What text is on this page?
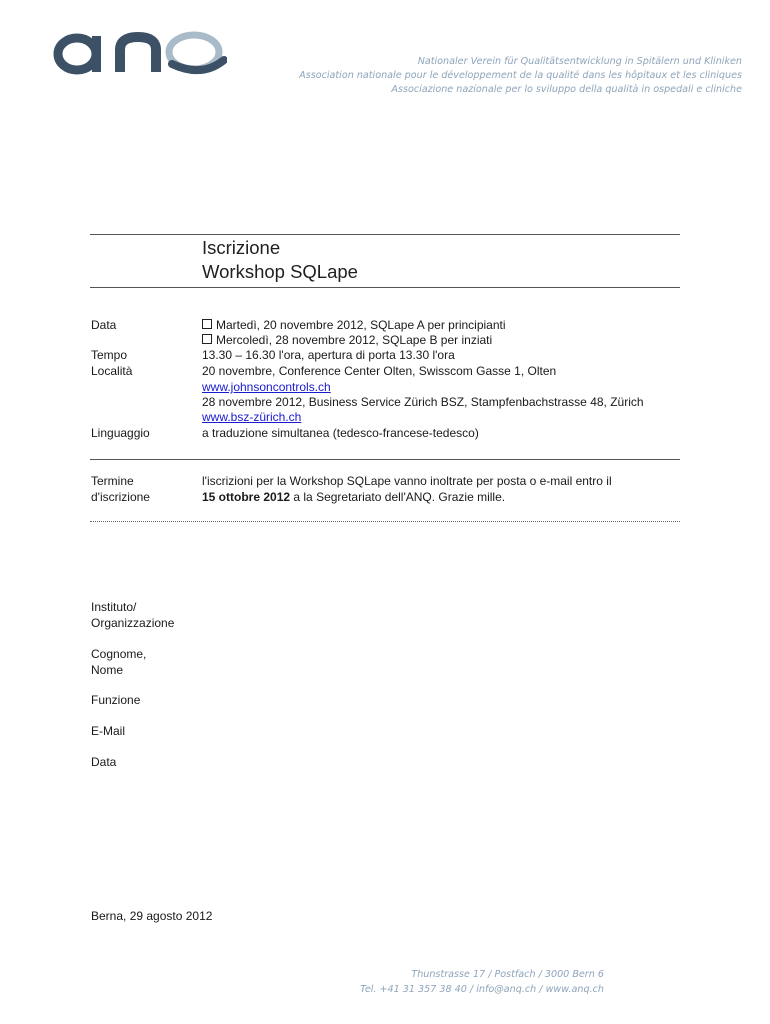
Nationaler Verein für Qualitätsentwicklung in Spitälern und Kliniken
Association nationale pour le développement de la qualité dans les hôpitaux et les cliniques
Associazione nazionale per lo sviluppo della qualità in ospedali e cliniche
Iscrizione
Workshop SQLape
Data	Martedì, 20 novembre 2012, SQLape A per principianti
Mercoledì, 28 novembre 2012, SQLape B per inziati
Tempo	13.30 – 16.30 l'ora, apertura di porta 13.30 l'ora
Località	20 novembre, Conference Center Olten, Swisscom Gasse 1, Olten
www.johnsoncontrols.ch
28 novembre 2012, Business Service Zürich BSZ, Stampfenbachstrasse 48, Zürich
www.bsz-zürich.ch
Linguaggio	a traduzione simultanea (tedesco-francese-tedesco)
Termine
d'iscrizione
l'iscrizioni per la Workshop SQLape vanno inoltrate per posta o e-mail entro il
15 ottobre 2012 a la Segretariato dell'ANQ. Grazie mille.
Instituto/
Organizzazione
Cognome,
Nome
Funzione
E-Mail
Data
Berna, 29 agosto 2012
Thunstrasse 17 / Postfach / 3000 Bern 6
Tel. +41 31 357 38 40 / info@anq.ch / www.anq.ch
